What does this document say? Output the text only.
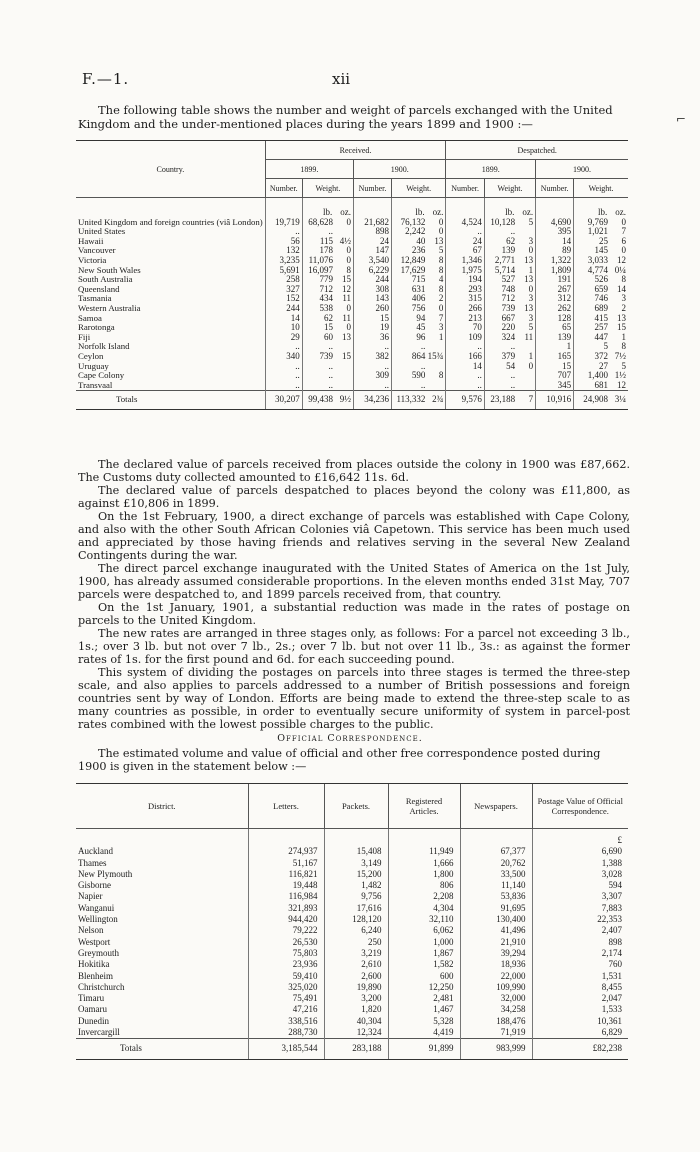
F.—1.	xii

The following table shows the number and weight of parcels exchanged with the United Kingdom and the under-mentioned places during the years 1899 and 1900 :—

Country.	Received.				Despatched.			
	1899.		1900.		1899.		1900.	
	Number.	Weight.	Number.	Weight.	Number.	Weight.	Number.	Weight.
		lb. oz.		lb. oz.		lb. oz.		lb. oz.
United Kingdom and foreign countries (viâ London)	19,719	68,628 0	21,682	76,132 0	4,524	10,128 5	4,690	9,769 0
United States	..	..	898	2,242 0	..	..	395	1,021 7
Hawaii	56	115 4½	24	40 13	24	62 3	14	25 6
Vancouver	132	178 0	147	236 5	67	139 0	89	145 0
Victoria	3,235	11,076 0	3,540	12,849 8	1,346	2,771 13	1,322	3,033 12
New South Wales	5,691	16,097 8	6,229	17,629 8	1,975	5,714 1	1,809	4,774 0¼
South Australia	258	779 15	244	715 4	194	527 13	191	526 8
Queensland	327	712 12	308	631 8	293	748 0	267	659 14
Tasmania	152	434 11	143	406 2	315	712 3	312	746 3
Western Australia	244	538 0	260	756 0	266	739 13	262	689 2
Samoa	14	62 11	15	94 7	213	667 3	128	415 13
Rarotonga	10	15 0	19	45 3	70	220 5	65	257 15
Fiji	29	60 13	36	96 1	109	324 11	139	447 1
Norfolk Island	..	..	..	..	..	..	1	5 8
Ceylon	340	739 15	382	864 15¾	166	379 1	165	372 7½
Uruguay	..	..	..	..	14	54 0	15	27 5
Cape Colony	..	..	309	590 8	..	..	707	1,400 1½
Transvaal	..	..	..	..	..	..	345	681 12
Totals	30,207	99,438 9½	34,236	113,332 2¾	9,576	23,188 7	10,916	24,908 3¼

The declared value of parcels received from places outside the colony in 1900 was £87,662. The Customs duty collected amounted to £16,642 11s. 6d.

The declared value of parcels despatched to places beyond the colony was £11,800, as against £10,806 in 1899.

On the 1st February, 1900, a direct exchange of parcels was established with Cape Colony, and also with the other South African Colonies viâ Capetown. This service has been much used and appreciated by those having friends and relatives serving in the several New Zealand Contingents during the war.

The direct parcel exchange inaugurated with the United States of America on the 1st July, 1900, has already assumed considerable proportions. In the eleven months ended 31st May, 707 parcels were despatched to, and 1899 parcels received from, that country.

On the 1st January, 1901, a substantial reduction was made in the rates of postage on parcels to the United Kingdom.

The new rates are arranged in three stages only, as follows: For a parcel not exceeding 3 lb., 1s.; over 3 lb. but not over 7 lb., 2s.; over 7 lb. but not over 11 lb., 3s.: as against the former rates of 1s. for the first pound and 6d. for each succeeding pound.

This system of dividing the postages on parcels into three stages is termed the three-step scale, and also applies to parcels addressed to a number of British possessions and foreign countries sent by way of London. Efforts are being made to extend the three-step scale to as many countries as possible, in order to eventually secure uniformity of system in parcel-post rates combined with the lowest possible charges to the public.

Official Correspondence.

The estimated volume and value of official and other free correspondence posted during 1900 is given in the statement below :—

District.	Letters.	Packets.	Registered Articles.	Newspapers.	Postage Value of Official Correspondence.
					£
Auckland	274,937	15,408	11,949	67,377	6,690
Thames	51,167	3,149	1,666	20,762	1,388
New Plymouth	116,821	15,200	1,800	33,500	3,028
Gisborne	19,448	1,482	806	11,140	594
Napier	116,984	9,756	2,208	53,836	3,307
Wanganui	321,893	17,616	4,304	91,695	7,883
Wellington	944,420	128,120	32,110	130,400	22,353
Nelson	79,222	6,240	6,062	41,496	2,407
Westport	26,530	250	1,000	21,910	898
Greymouth	75,803	3,219	1,867	39,294	2,174
Hokitika	23,936	2,610	1,582	18,936	760
Blenheim	59,410	2,600	600	22,000	1,531
Christchurch	325,020	19,890	12,250	109,990	8,455
Timaru	75,491	3,200	2,481	32,000	2,047
Oamaru	47,216	1,820	1,467	34,258	1,533
Dunedin	338,516	40,304	5,328	188,476	10,361
Invercargill	288,730	12,324	4,419	71,919	6,829
Totals	3,185,544	283,188	91,899	983,999	£82,238
⌐
